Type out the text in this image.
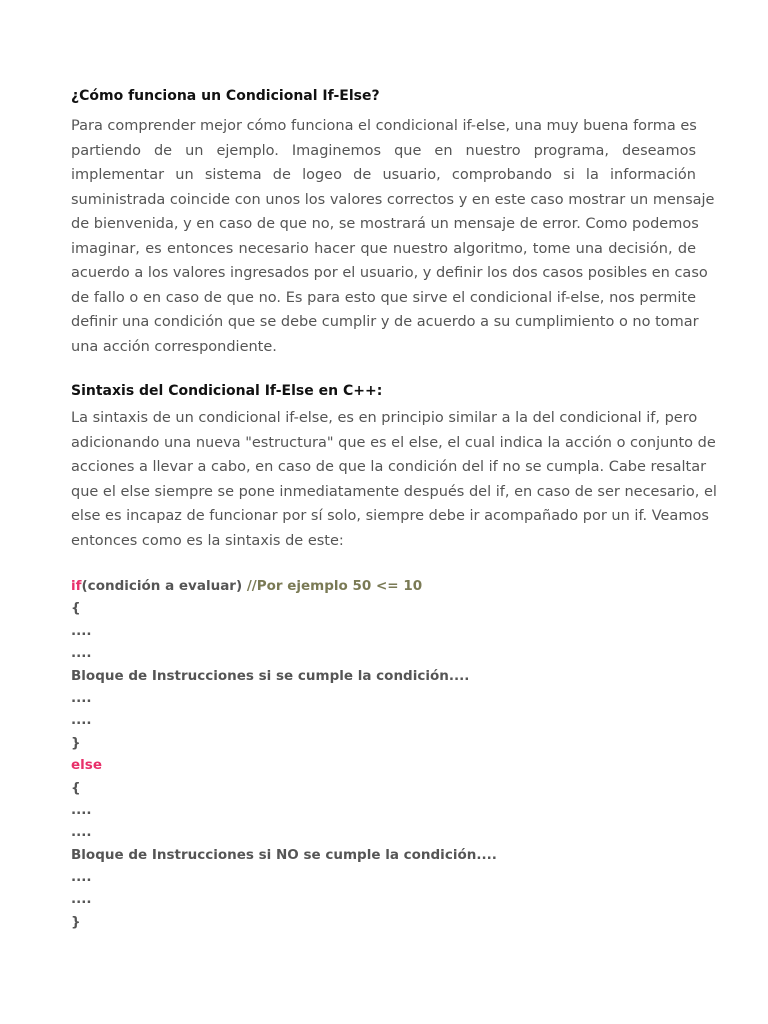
¿Cómo funciona un Condicional If-Else?
Para comprender mejor cómo funciona el condicional if-else, una muy buena forma es
partiendo de un ejemplo. Imaginemos que en nuestro programa, deseamos
implementar un sistema de logeo de usuario, comprobando si la información
suministrada coincide con unos los valores correctos y en este caso mostrar un mensaje
de bienvenida, y en caso de que no, se mostrará un mensaje de error. Como podemos
imaginar, es entonces necesario hacer que nuestro algoritmo, tome una decisión, de
acuerdo a los valores ingresados por el usuario, y definir los dos casos posibles en caso
de fallo o en caso de que no. Es para esto que sirve el condicional if-else, nos permite
definir una condición que se debe cumplir y de acuerdo a su cumplimiento o no tomar
una acción correspondiente.
Sintaxis del Condicional If-Else en C++:
La sintaxis de un condicional if-else, es en principio similar a la del condicional if, pero
adicionando una nueva "estructura" que es el else, el cual indica la acción o conjunto de
acciones a llevar a cabo, en caso de que la condición del if no se cumpla. Cabe resaltar
que el else siempre se pone inmediatamente después del if, en caso de ser necesario, el
else es incapaz de funcionar por sí solo, siempre debe ir acompañado por un if. Veamos
entonces como es la sintaxis de este:
if(condición a evaluar) //Por ejemplo 50 <= 10
{
....
....
Bloque de Instrucciones si se cumple la condición....
....
....
}
else
{
....
....
Bloque de Instrucciones si NO se cumple la condición....
....
....
}
